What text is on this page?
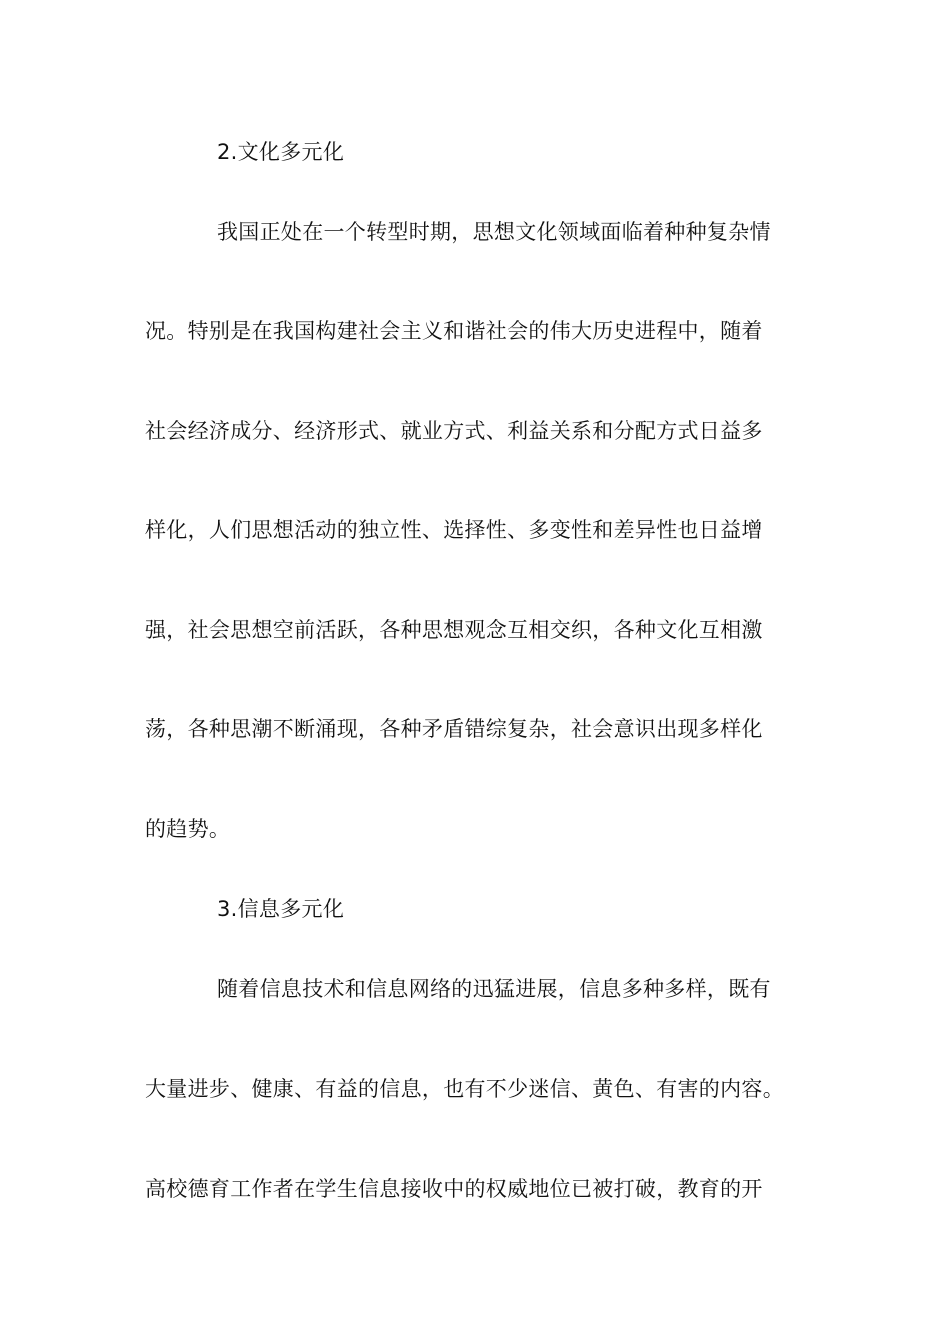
2.文化多元化
我国正处在一个转型时期，思想文化领域面临着种种复杂情
况。特别是在我国构建社会主义和谐社会的伟大历史进程中，随着
社会经济成分、经济形式、就业方式、利益关系和分配方式日益多
样化，人们思想活动的独立性、选择性、多变性和差异性也日益增
强，社会思想空前活跃，各种思想观念互相交织，各种文化互相激
荡，各种思潮不断涌现，各种矛盾错综复杂，社会意识出现多样化
的趋势。
3.信息多元化
随着信息技术和信息网络的迅猛进展，信息多种多样，既有
大量进步、健康、有益的信息，也有不少迷信、黄色、有害的内容。
高校德育工作者在学生信息接收中的权威地位已被打破，教育的开
